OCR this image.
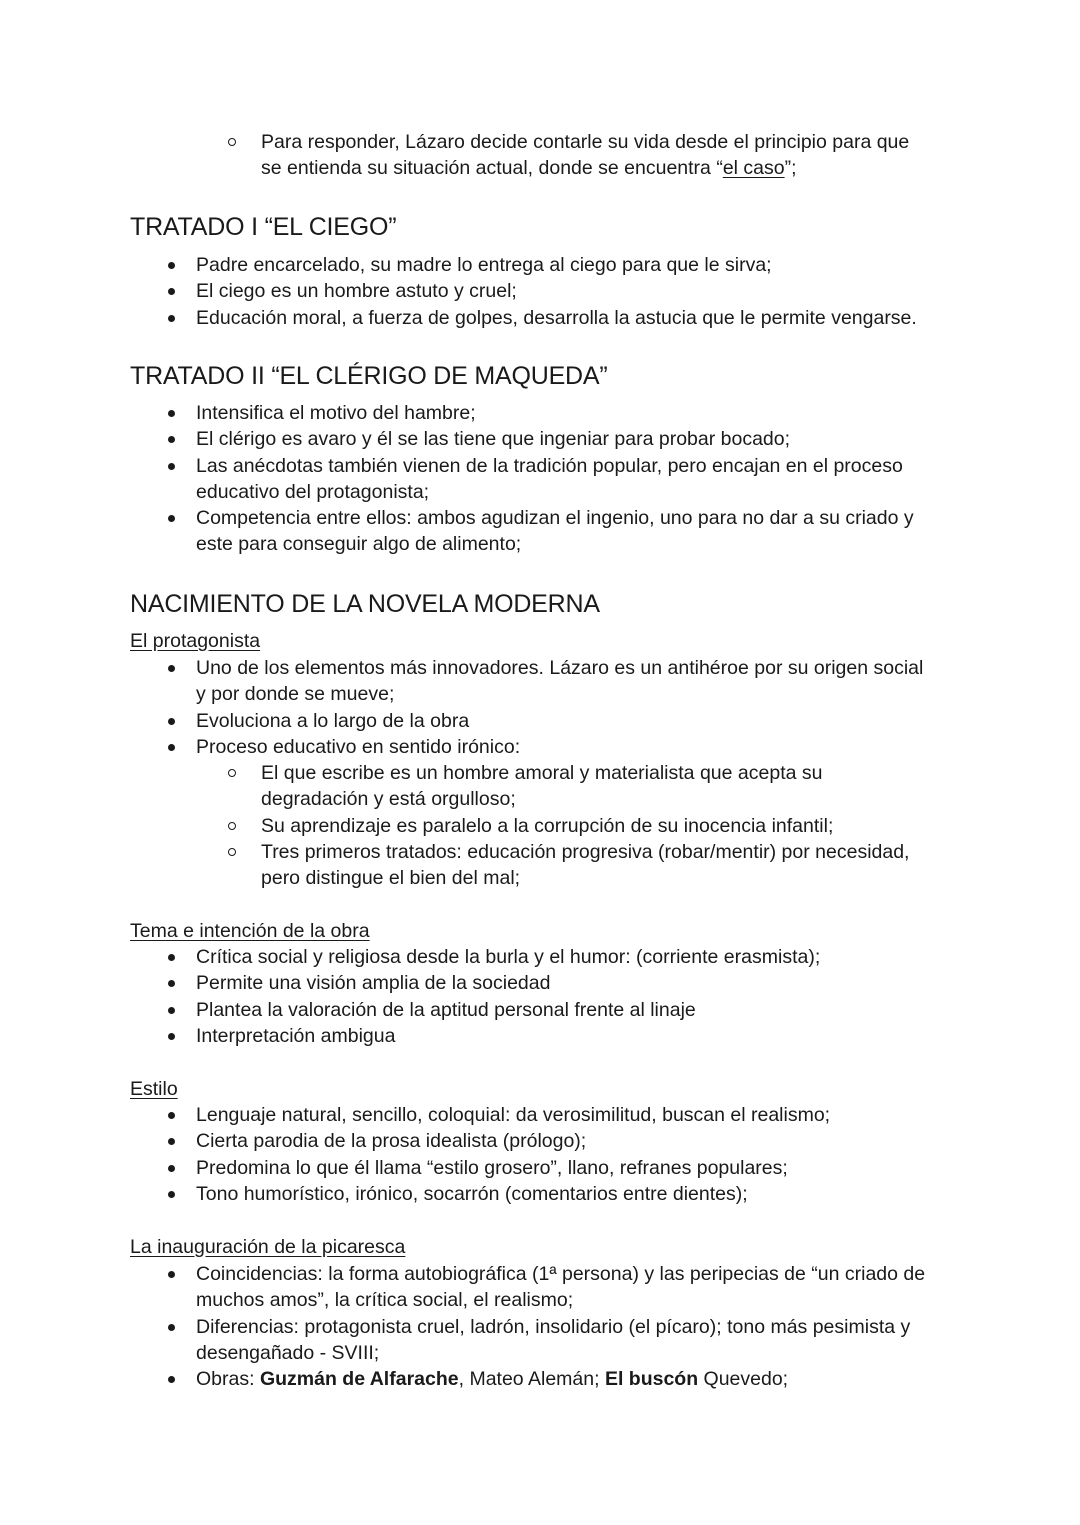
Para responder, Lázaro decide contarle su vida desde el principio para que
se entienda su situación actual, donde se encuentra “el caso”;
TRATADO I “EL CIEGO”
Padre encarcelado, su madre lo entrega al ciego para que le sirva;
El ciego es un hombre astuto y cruel;
Educación moral, a fuerza de golpes, desarrolla la astucia que le permite vengarse.
TRATADO II “EL CLÉRIGO DE MAQUEDA”
Intensifica el motivo del hambre;
El clérigo es avaro y él se las tiene que ingeniar para probar bocado;
Las anécdotas también vienen de la tradición popular, pero encajan en el proceso
educativo del protagonista;
Competencia entre ellos: ambos agudizan el ingenio, uno para no dar a su criado y
este para conseguir algo de alimento;
NACIMIENTO DE LA NOVELA MODERNA
El protagonista
Uno de los elementos más innovadores. Lázaro es un antihéroe por su origen social
y por donde se mueve;
Evoluciona a lo largo de la obra
Proceso educativo en sentido irónico:
El que escribe es un hombre amoral y materialista que acepta su
degradación y está orgulloso;
Su aprendizaje es paralelo a la corrupción de su inocencia infantil;
Tres primeros tratados: educación progresiva (robar/mentir) por necesidad,
pero distingue el bien del mal;
Tema e intención de la obra
Crítica social y religiosa desde la burla y el humor: (corriente erasmista);
Permite una visión amplia de la sociedad
Plantea la valoración de la aptitud personal frente al linaje
Interpretación ambigua
Estilo
Lenguaje natural, sencillo, coloquial: da verosimilitud, buscan el realismo;
Cierta parodia de la prosa idealista (prólogo);
Predomina lo que él llama “estilo grosero”, llano, refranes populares;
Tono humorístico, irónico, socarrón (comentarios entre dientes);
La inauguración de la picaresca
Coincidencias: la forma autobiográfica (1ª persona) y las peripecias de “un criado de
muchos amos”, la crítica social, el realismo;
Diferencias: protagonista cruel, ladrón, insolidario (el pícaro); tono más pesimista y
desengañado - SVIII;
Obras: Guzmán de Alfarache, Mateo Alemán; El buscón Quevedo;
